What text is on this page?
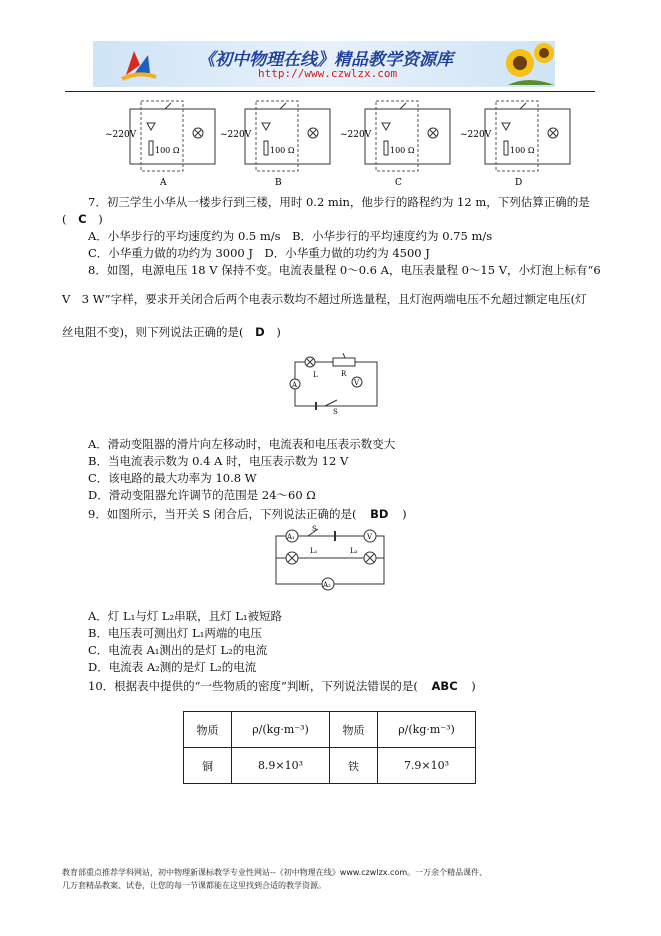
《初中物理在线》精品教学资源库
http://www.czwlzx.com
~220V	~220V	~220V	~220V
100 Ω	100 Ω	100 Ω	100 Ω
A	B	C	D
7．初三学生小华从一楼步行到三楼，用时 0.2 min，他步行的路程约为 12 m，下列估算正确的是
( C )
A．小华步行的平均速度约为 0.5 m/s　B．小华步行的平均速度约为 0.75 m/s
C．小华重力做的功约为 3000 J　D．小华重力做的功约为 4500 J
8．如图，电源电压 18 V 保持不变。电流表量程 0～0.6 A，电压表量程 0～15 V，小灯泡上标有“6
V　3 W”字样，要求开关闭合后两个电表示数均不超过所选量程，且灯泡两端电压不允超过额定电压(灯
丝电阻不变)，则下列说法正确的是( D )
A	V
L	R
S
A．滑动变阻器的滑片向左移动时，电流表和电压表示数变大
B．当电流表示数为 0.4 A 时，电压表示数为 12 V
C．该电路的最大功率为 10.8 W
D．滑动变阻器允许调节的范围是 24～60 Ω
9．如图所示，当开关 S 闭合后，下列说法正确的是( BD )
A₁	V
A₂
L₁	L₂
S
A．灯 L₁与灯 L₂串联，且灯 L₁被短路
B．电压表可测出灯 L₁两端的电压
C．电流表 A₁测出的是灯 L₂的电流
D．电流表 A₂测的是灯 L₂的电流
10．根据表中提供的“一些物质的密度”判断，下列说法错误的是( ABC )
物质	ρ/(kg·m⁻³)	物质	ρ/(kg·m⁻³)
铜	8.9×10³	铁	7.9×10³
教育部重点推荐学科网站，初中物理新课标教学专业性网站--《初中物理在线》www.czwlzx.com。一万余个精品课件、
几万套精品教案、试卷，让您的每一节课都能在这里找到合适的教学资源。
